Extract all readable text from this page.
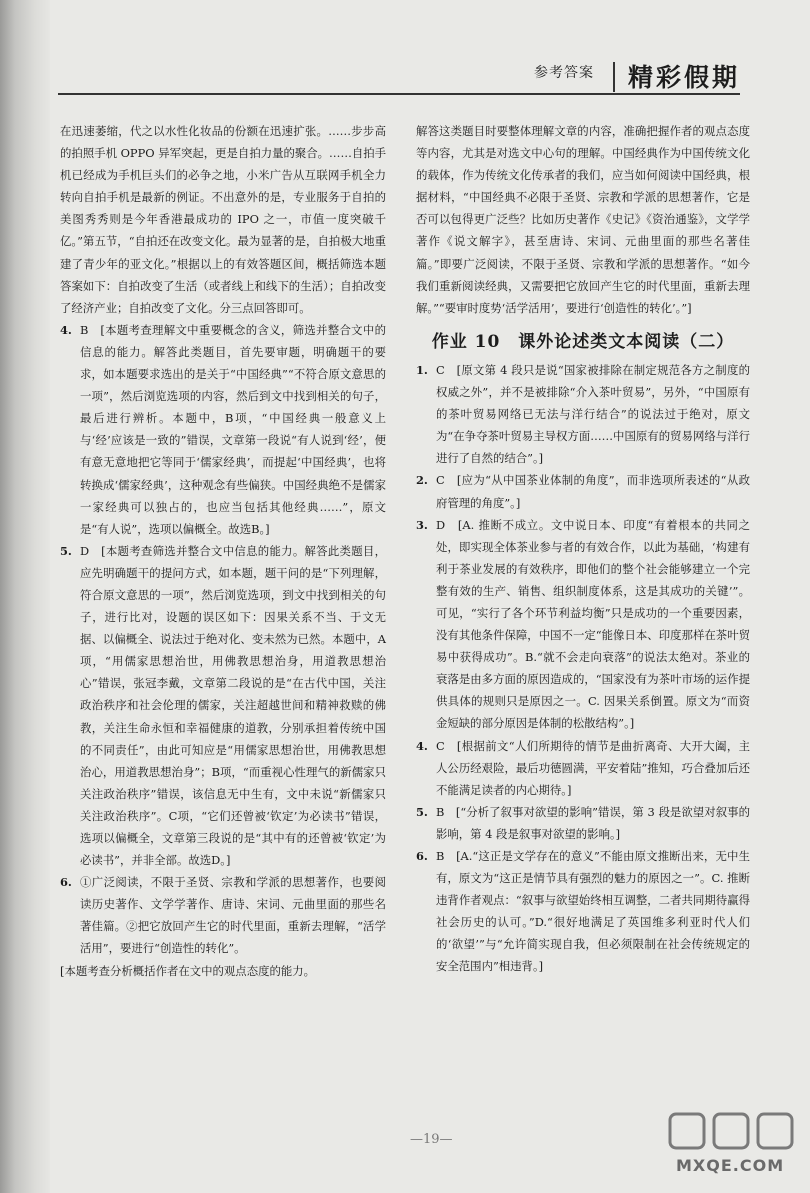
参考答案 精彩假期

在迅速萎缩，代之以水性化妆品的份额在迅速扩张。……步步高的拍照手机 OPPO 异军突起，更是自拍力量的聚合。……自拍手机已经成为手机巨头们的必争之地，小米广告从互联网手机全力转向自拍手机是最新的例证。不出意外的是，专业服务于自拍的美图秀秀则是今年香港最成功的 IPO 之一，市值一度突破千亿。”第五节，“自拍还在改变文化。最为显著的是，自拍极大地重建了青少年的亚文化。”根据以上的有效答题区间，概括筛选本题答案如下：自拍改变了生活（或者线上和线下的生活）；自拍改变了经济产业；自拍改变了文化。分三点回答即可。

4. B　[本题考查理解文中重要概念的含义，筛选并整合文中的信息的能力。解答此类题目，首先要审题，明确题干的要求，如本题要求选出的是关于“中国经典”“不符合原文意思的一项”，然后浏览选项的内容，然后到文中找到相关的句子，最后进行辨析。本题中，B项，“中国经典一般意义上与‘经’应该是一致的”错误，文章第一段说“有人说到‘经’，便有意无意地把它等同于‘儒家经典’，而提起‘中国经典’，也将转换成‘儒家经典’，这种观念有些偏狭。中国经典绝不是儒家一家经典可以独占的，也应当包括其他经典……”，原文是“有人说”，选项以偏概全。故选B。]
5. D　[本题考查筛选并整合文中信息的能力。解答此类题目，应先明确题干的提问方式，如本题，题干问的是“下列理解，符合原文意思的一项”，然后浏览选项，到文中找到相关的句子，进行比对，设题的误区如下：因果关系不当、于文无据、以偏概全、说法过于绝对化、变未然为已然。本题中，A项，“用儒家思想治世，用佛教思想治身，用道教思想治心”错误，张冠李戴，文章第二段说的是“在古代中国，关注政治秩序和社会伦理的儒家，关注超越世间和精神救赎的佛教，关注生命永恒和幸福健康的道教，分别承担着传统中国的不同责任”，由此可知应是“用儒家思想治世，用佛教思想治心，用道教思想治身”；B项，“而重视心性理气的新儒家只关注政治秩序”错误，该信息无中生有，文中未说“新儒家只关注政治秩序”。C项，“它们还曾被‘钦定’为必读书”错误，选项以偏概全，文章第三段说的是“其中有的还曾被‘钦定’为必读书”，并非全部。故选D。]
6. ①广泛阅读，不限于圣贤、宗教和学派的思想著作，也要阅读历史著作、文学学著作、唐诗、宋词、元曲里面的那些名著佳篇。②把它放回产生它的时代里面，重新去理解，“活学活用”，要进行“创造性的转化”。

[本题考查分析概括作者在文中的观点态度的能力。

解答这类题目时要整体理解文章的内容，准确把握作者的观点态度等内容，尤其是对选文中心句的理解。中国经典作为中国传统文化的载体，作为传统文化传承者的我们，应当如何阅读中国经典，根据材料，“中国经典不必限于圣贤、宗教和学派的思想著作，它是否可以包得更广泛些？比如历史著作《史记》《资治通鉴》，文学学著作《说文解字》，甚至唐诗、宋词、元曲里面的那些名著佳篇。”即要广泛阅读，不限于圣贤、宗教和学派的思想著作。“如今我们重新阅读经典，又需要把它放回产生它的时代里面，重新去理解。”“要审时度势‘活学活用’，要进行‘创造性的转化’。”]

作业 10　课外论述类文本阅读（二）
1. C　[原文第 4 段只是说“国家被排除在制定规范各方之制度的权威之外”，并不是被排除“介入茶叶贸易”，另外，“中国原有的茶叶贸易网络已无法与洋行结合”的说法过于绝对，原文为“在争夺茶叶贸易主导权方面……中国原有的贸易网络与洋行进行了自然的结合”。]
2. C　[应为“从中国茶业体制的角度”，而非选项所表述的“从政府管理的角度”。]
3. D　[A. 推断不成立。文中说日本、印度“有着根本的共同之处，即实现全体茶业参与者的有效合作，以此为基础，‘构建有利于茶业发展的有效秩序，即他们的整个社会能够建立一个完整有效的生产、销售、组织制度体系，这是其成功的关键’”。可见，“实行了各个环节利益均衡”只是成功的一个重要因素，没有其他条件保障，中国不一定“能像日本、印度那样在茶叶贸易中获得成功”。B.“就不会走向衰落”的说法太绝对。茶业的衰落是由多方面的原因造成的，“国家没有为茶叶市场的运作提供具体的规则只是原因之一。C. 因果关系倒置。原文为“而资金短缺的部分原因是体制的松散结构”。]
4. C　[根据前文“人们所期待的情节是曲折离奇、大开大阖，主人公历经艰险，最后功德圆满，平安着陆”推知，巧合叠加后还不能满足读者的内心期待。]
5. B　[“分析了叙事对欲望的影响”错误，第 3 段是欲望对叙事的影响，第 4 段是叙事对欲望的影响。]
6. B　[A.“这正是文学存在的意义”不能由原文推断出来，无中生有，原文为“这正是情节具有强烈的魅力的原因之一”。C. 推断违背作者观点：“叙事与欲望始终相互调整，二者共同期待赢得社会历史的认可。”D.“很好地满足了英国维多利亚时代人们的‘欲望’”与“允许简实现自我，但必须限制在社会传统规定的安全范围内”相违背。]
—19—
MXQE.COM
